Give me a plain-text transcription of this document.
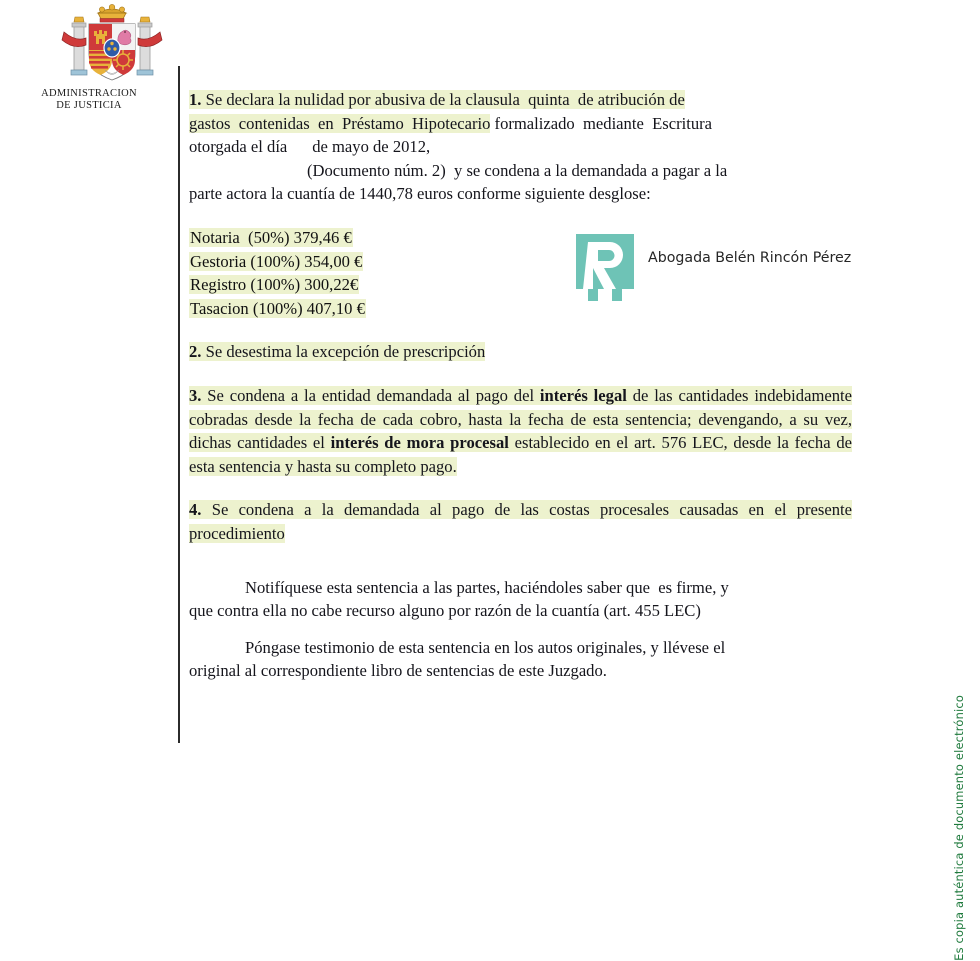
ADMINISTRACION
DE JUSTICIA	1. Se declara la nulidad por abusiva de la clausula  quinta  de atribución de
gastos  contenidas  en  Préstamo  Hipotecario formalizado  mediante  Escritura
otorgada el día      de mayo de 2012,
(Documento núm. 2)  y se condena a la demandada a pagar a la
parte actora la cuantía de 1440,78 euros conforme siguiente desglose:
Notaria  (50%) 379,46 €
Gestoria (100%) 354,00 €
Registro (100%) 300,22€
Tasacion (100%) 407,10 €
2. Se desestima la excepción de prescripción
3. Se condena a la entidad demandada al pago del interés legal de las cantidades indebidamente cobradas desde la fecha de cada cobro, hasta la fecha de esta sentencia; devengando, a su vez, dichas cantidades el interés de mora procesal establecido en el art. 576 LEC, desde la fecha de esta sentencia y hasta su completo pago.
4. Se condena a la demandada al pago de las costas procesales causadas en el presente procedimiento
Notifíquese esta sentencia a las partes, haciéndoles saber que  es firme, y
que contra ella no cabe recurso alguno por razón de la cuantía (art. 455 LEC)
Póngase testimonio de esta sentencia en los autos originales, y llévese el
original al correspondiente libro de sentencias de este Juzgado.
Abogada Belén Rincón Pérez
Es copia auténtica de documento electrónico
